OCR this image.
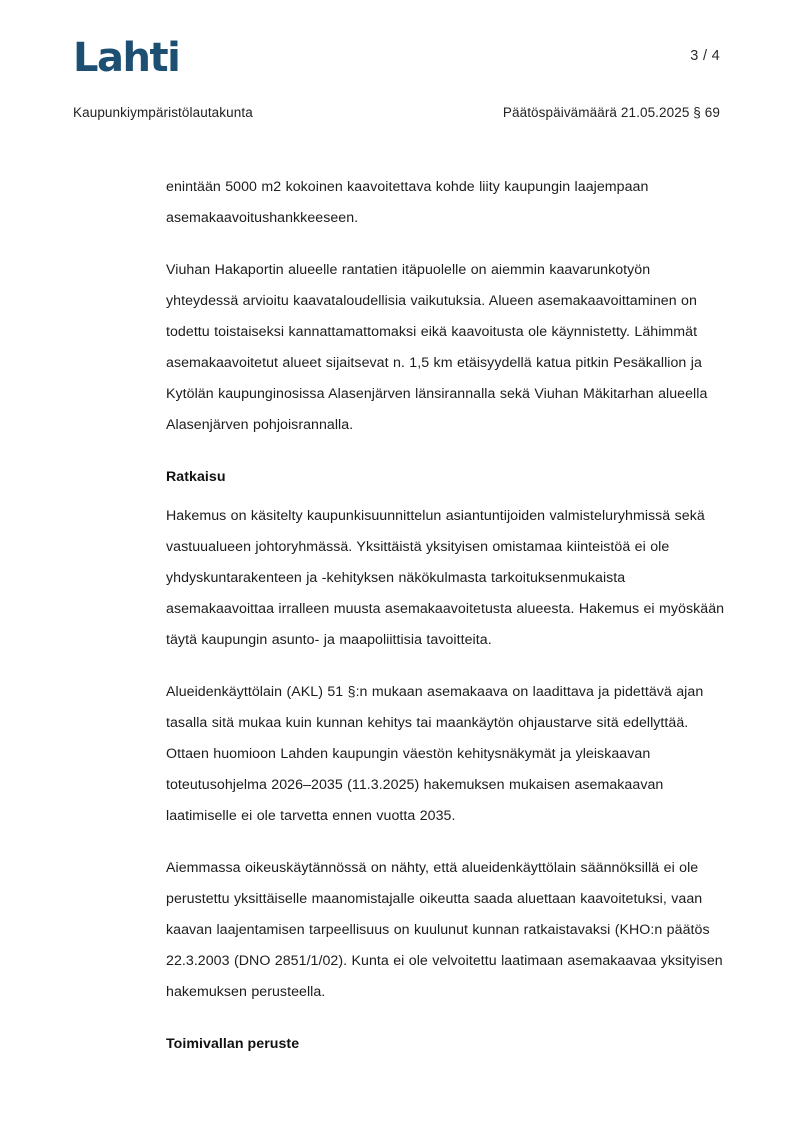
Lahti	3 / 4
Kaupunkiympäristölautakunta	Päätöspäivämäärä 21.05.2025 § 69

enintään 5000 m2 kokoinen kaavoitettava kohde liity kaupungin laajempaan asemakaavoitushankkeeseen.

Viuhan Hakaportin alueelle rantatien itäpuolelle on aiemmin kaavarunkotyön yhteydessä arvioitu kaavataloudellisia vaikutuksia. Alueen asemakaavoittaminen on todettu toistaiseksi kannattamattomaksi eikä kaavoitusta ole käynnistetty. Lähimmät asemakaavoitetut alueet sijaitsevat n. 1,5 km etäisyydellä katua pitkin Pesäkallion ja Kytölän kaupunginosissa Alasenjärven länsirannalla sekä Viuhan Mäkitarhan alueella Alasenjärven pohjoisrannalla.

Ratkaisu

Hakemus on käsitelty kaupunkisuunnittelun asiantuntijoiden valmisteluryhmissä sekä vastuualueen johtoryhmässä. Yksittäistä yksityisen omistamaa kiinteistöä ei ole yhdyskuntarakenteen ja -kehityksen näkökulmasta tarkoituksenmukaista asemakaavoittaa irralleen muusta asemakaavoitetusta alueesta. Hakemus ei myöskään täytä kaupungin asunto- ja maapoliittisia tavoitteita.

Alueidenkäyttölain (AKL) 51 §:n mukaan asemakaava on laadittava ja pidettävä ajan tasalla sitä mukaa kuin kunnan kehitys tai maankäytön ohjaustarve sitä edellyttää. Ottaen huomioon Lahden kaupungin väestön kehitysnäkymät ja yleiskaavan toteutusohjelma 2026–2035 (11.3.2025) hakemuksen mukaisen asemakaavan laatimiselle ei ole tarvetta ennen vuotta 2035.

Aiemmassa oikeuskäytännössä on nähty, että alueidenkäyttölain säännöksillä ei ole perustettu yksittäiselle maanomistajalle oikeutta saada aluettaan kaavoitetuksi, vaan kaavan laajentamisen tarpeellisuus on kuulunut kunnan ratkaistavaksi (KHO:n päätös 22.3.2003 (DNO 2851/1/02). Kunta ei ole velvoitettu laatimaan asemakaavaa yksityisen hakemuksen perusteella.

Toimivallan peruste
